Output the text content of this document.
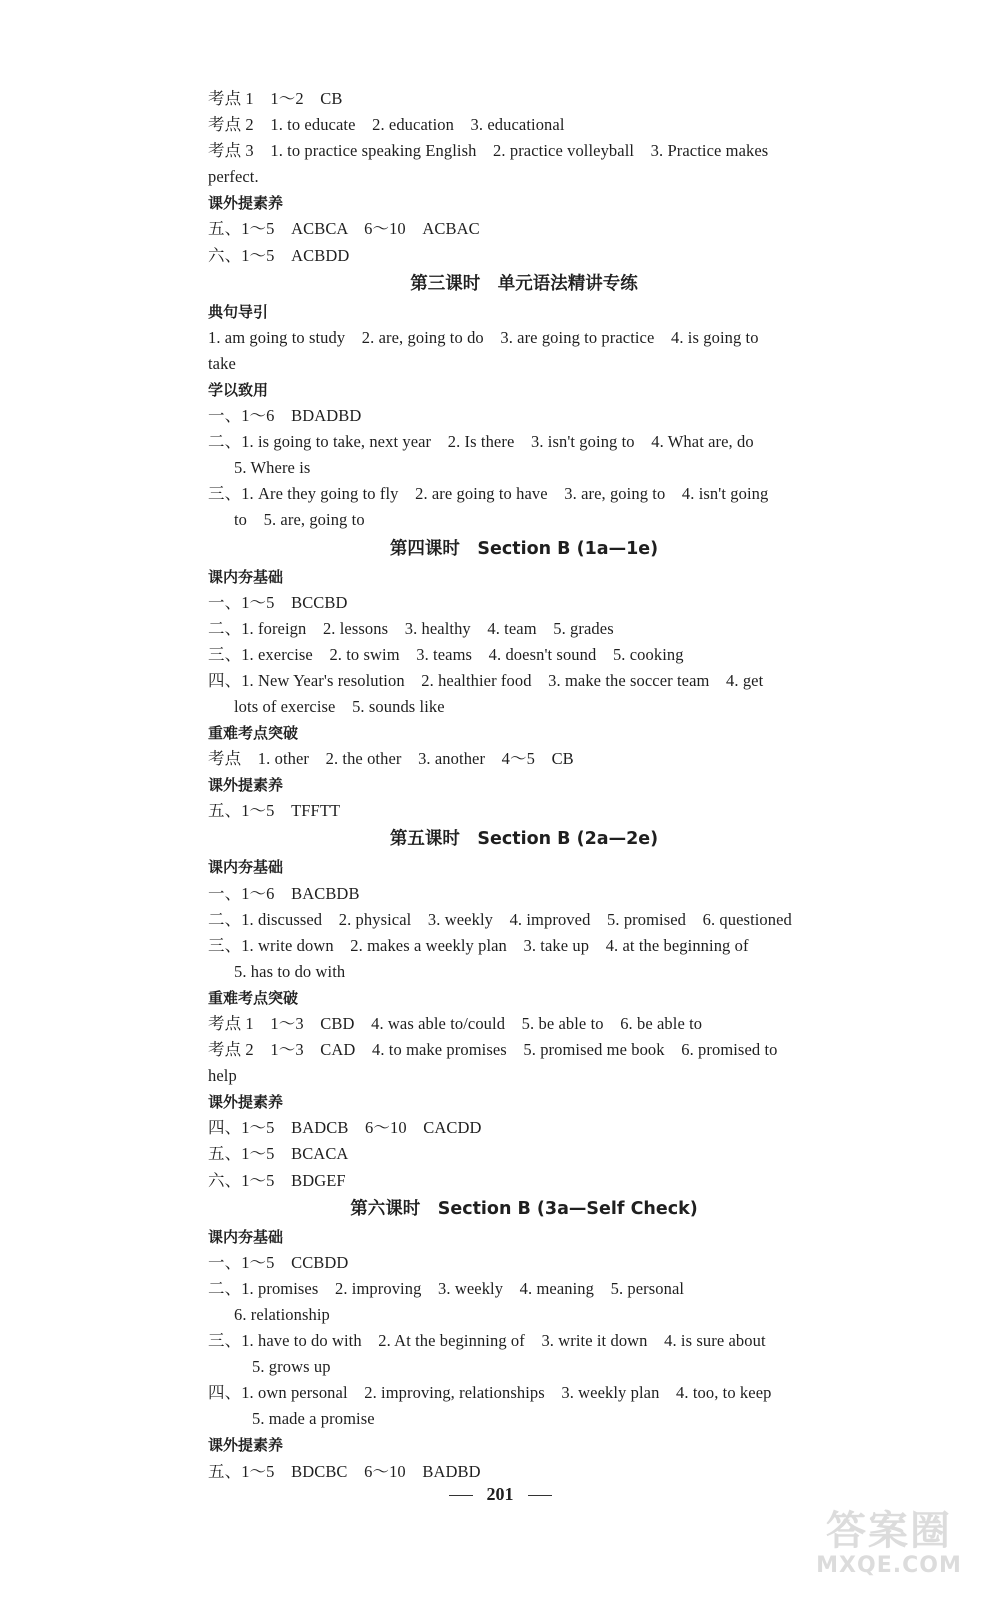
考点 1　1～2　CB
考点 2　1. to educate　2. education　3. educational
考点 3　1. to practice speaking English　2. practice volleyball　3. Practice makes
perfect.
课外提素养
五、1～5　ACBCA　6～10　ACBAC
六、1～5　ACBDD
第三课时　单元语法精讲专练
典句导引
1. am going to study　2. are, going to do　3. are going to practice　4. is going to
take
学以致用
一、1～6　BDADBD
二、1. is going to take, next year　2. Is there　3. isn't going to　4. What are, do
5. Where is
三、1. Are they going to fly　2. are going to have　3. are, going to　4. isn't going
to　5. are, going to
第四课时　Section B (1a—1e)
课内夯基础
一、1～5　BCCBD
二、1. foreign　2. lessons　3. healthy　4. team　5. grades
三、1. exercise　2. to swim　3. teams　4. doesn't sound　5. cooking
四、1. New Year's resolution　2. healthier food　3. make the soccer team　4. get
lots of exercise　5. sounds like
重难考点突破
考点　1. other　2. the other　3. another　4～5　CB
课外提素养
五、1～5　TFFTT
第五课时　Section B (2a—2e)
课内夯基础
一、1～6　BACBDB
二、1. discussed　2. physical　3. weekly　4. improved　5. promised　6. questioned
三、1. write down　2. makes a weekly plan　3. take up　4. at the beginning of
5. has to do with
重难考点突破
考点 1　1～3　CBD　4. was able to/could　5. be able to　6. be able to
考点 2　1～3　CAD　4. to make promises　5. promised me book　6. promised to
help
课外提素养
四、1～5　BADCB　6～10　CACDD
五、1～5　BCACA
六、1～5　BDGEF
第六课时　Section B (3a—Self Check)
课内夯基础
一、1～5　CCBDD
二、1. promises　2. improving　3. weekly　4. meaning　5. personal
6. relationship
三、1. have to do with　2. At the beginning of　3. write it down　4. is sure about
5. grows up
四、1. own personal　2. improving, relationships　3. weekly plan　4. too, to keep
5. made a promise
课外提素养
五、1～5　BDCBC　6～10　BADBD
201
答案圈
MXQE.COM
